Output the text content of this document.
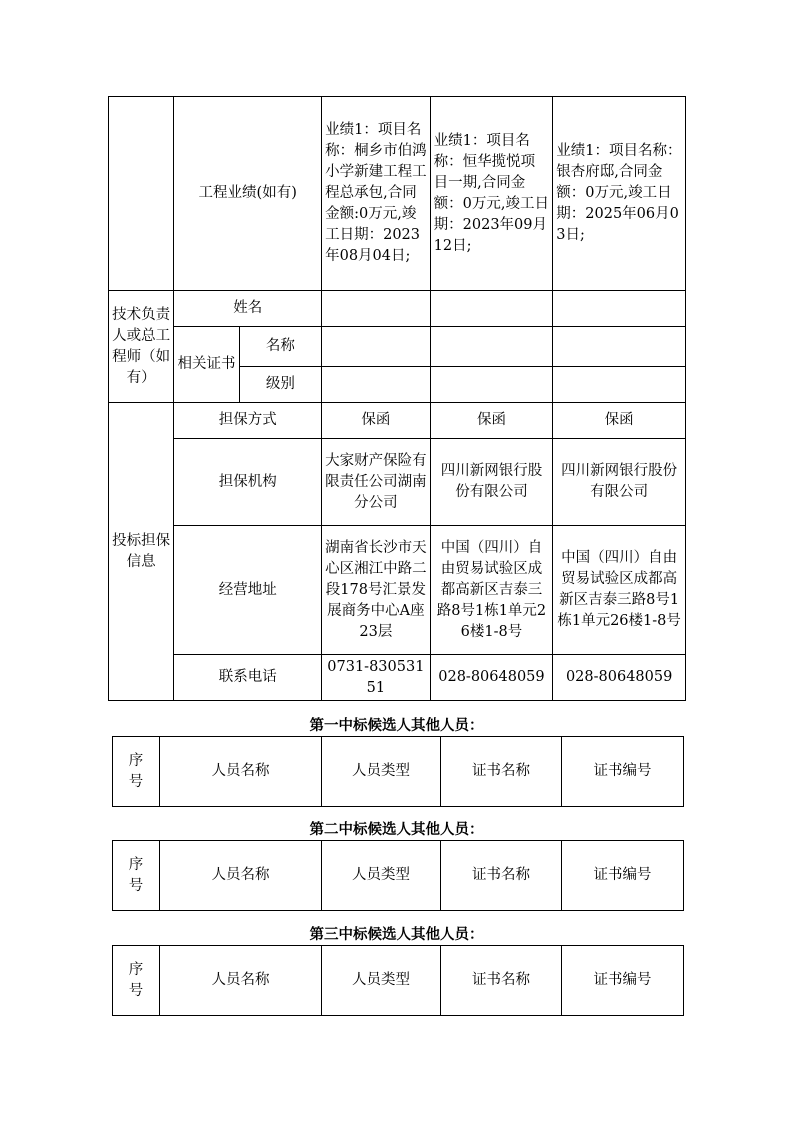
	工程业绩(如有)		业绩1：项目名称：桐乡市伯鸿小学新建工程工程总承包,合同金额:0万元,竣工日期：2023年08月04日;	业绩1：项目名称：恒华揽悦项目一期,合同金额：0万元,竣工日期：2023年09月12日;	业绩1：项目名称：银杏府邸,合同金额：0万元,竣工日期：2025年06月03日;
技术负责人或总工程师（如有）	姓名				
	相关证书	名称			
		级别			
投标担保信息	担保方式		保函	保函	保函
	担保机构		大家财产保险有限责任公司湖南分公司	四川新网银行股份有限公司	四川新网银行股份有限公司
	经营地址		湖南省长沙市天心区湘江中路二段178号汇景发展商务中心A座23层	中国（四川）自由贸易试验区成都高新区吉泰三路8号1栋1单元26楼1-8号	中国（四川）自由贸易试验区成都高新区吉泰三路8号1栋1单元26楼1-8号
	联系电话		0731-83053151	028-80648059	028-80648059
第一中标候选人其他人员：
序号	人员名称	人员类型	证书名称	证书编号
第二中标候选人其他人员：
序号	人员名称	人员类型	证书名称	证书编号
第三中标候选人其他人员：
序号	人员名称	人员类型	证书名称	证书编号
